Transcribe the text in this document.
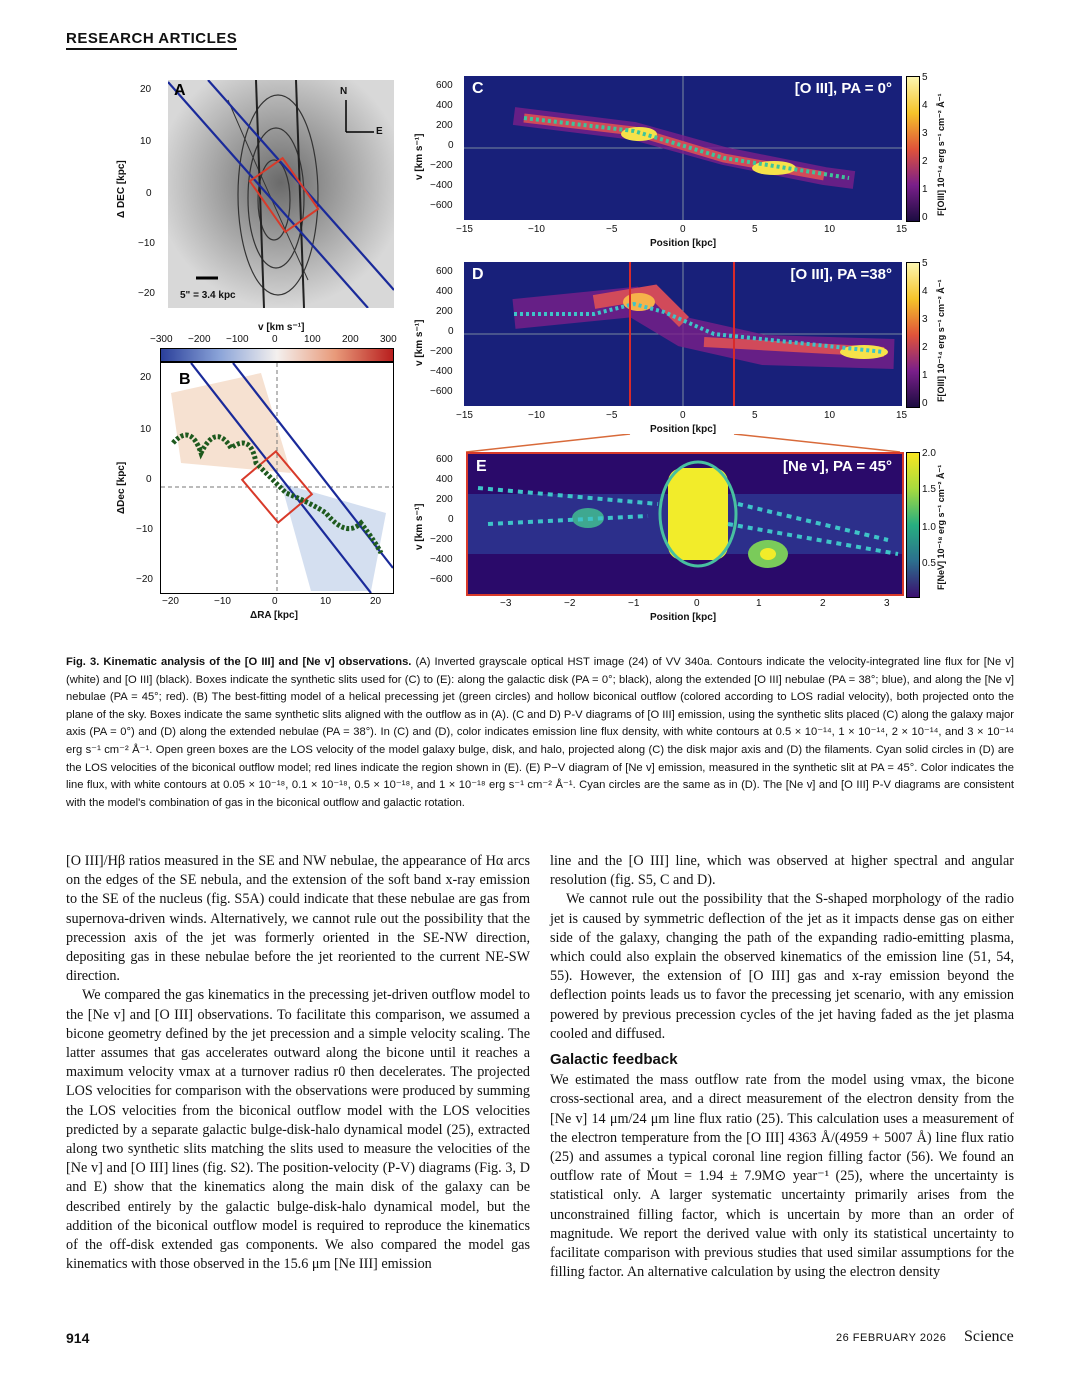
RESEARCH ARTICLES
A	N
E
5" = 3.4 kpc
Δ DEC [kpc]
20
10
0
−10
−20
v [km s⁻¹]
−300 −200 −100 0	100 200 300
B
ΔDec [kpc]
20
10
0
−10
−20
−20	−10	0	10	20
ΔRA [kpc]
C	[O III], PA = 0°
5
4
3
2
1
0
F[OIII] 10⁻¹⁴ erg s⁻¹ cm⁻² Å⁻¹
v [km s⁻¹]
600
400
200
0
−200
−400
−600
−15	−10	−5	0	5	10	15
Position [kpc]
D	[O III], PA =38°
5
4
3
2
1
0
F[OIII] 10⁻¹⁴ erg s⁻¹ cm⁻² Å⁻¹
v [km s⁻¹]
600
400
200
0
−200
−400
−600
−15	−10	−5	0	5	10	15
Position [kpc]
E	[Ne v], PA = 45°
2.0
1.5
1.0
0.5 F[NeV] 10⁻¹⁸ erg s⁻¹ cm⁻² Å⁻¹
v [km s⁻¹]
600
400
200
0
−200
−400
−600
−3	−2	−1	0	1	2	3
Position [kpc]
Fig. 3. Kinematic analysis of the [O III] and [Ne v] observations. (A) Inverted grayscale optical HST image (24) of VV 340a. Contours indicate the velocity-integrated line flux for [Ne v] (white) and [O III] (black). Boxes indicate the synthetic slits used for (C) to (E): along the galactic disk (PA = 0°; black), along the extended [O III] nebulae (PA = 38°; blue), and along the [Ne v] nebulae (PA = 45°; red). (B) The best-fitting model of a helical precessing jet (green circles) and hollow biconical outflow (colored according to LOS radial velocity), both projected onto the plane of the sky. Boxes indicate the same synthetic slits aligned with the outflow as in (A). (C and D) P-V diagrams of [O III] emission, using the synthetic slits placed (C) along the galaxy major axis (PA = 0°) and (D) along the extended nebulae (PA = 38°). In (C) and (D), color indicates emission line flux density, with white contours at 0.5 × 10⁻¹⁴, 1 × 10⁻¹⁴, 2 × 10⁻¹⁴, and 3 × 10⁻¹⁴ erg s⁻¹ cm⁻² Å⁻¹. Open green boxes are the LOS velocity of the model galaxy bulge, disk, and halo, projected along (C) the disk major axis and (D) the filaments. Cyan solid circles in (D) are the LOS velocities of the biconical outflow model; red lines indicate the region shown in (E). (E) P−V diagram of [Ne v] emission, measured in the synthetic slit at PA = 45°. Color indicates the line flux, with white contours at 0.05 × 10⁻¹⁸, 0.1 × 10⁻¹⁸, 0.5 × 10⁻¹⁸, and 1 × 10⁻¹⁸ erg s⁻¹ cm⁻² Å⁻¹. Cyan circles are the same as in (D). The [Ne v] and [O III] P-V diagrams are consistent with the model's combination of gas in the biconical outflow and galactic rotation.

[O III]/Hβ ratios measured in the SE and NW nebulae, the appearance of Hα arcs on the edges of the SE nebula, and the extension of the soft band x-ray emission to the SE of the nucleus (fig. S5A) could indicate that these nebulae are gas from supernova-driven winds. Alternatively, we cannot rule out the possibility that the precession axis of the jet was formerly oriented in the SE-NW direction, depositing gas in these nebulae before the jet reoriented to the current NE-SW direction.

We compared the gas kinematics in the precessing jet-driven outflow model to the [Ne v] and [O III] observations. To facilitate this comparison, we assumed a bicone geometry defined by the jet precession and a simple velocity scaling. The latter assumes that gas accelerates outward along the bicone until it reaches a maximum velocity vmax at a turnover radius r0 then decelerates. The projected LOS velocities for comparison with the observations were produced by summing the LOS velocities from the biconical outflow model with the LOS velocities predicted by a separate galactic bulge-disk-halo dynamical model (25), extracted along two synthetic slits matching the slits used to measure the velocities of the [Ne v] and [O III] lines (fig. S2). The position-velocity (P-V) diagrams (Fig. 3, D and E) show that the kinematics along the main disk of the galaxy can be described entirely by the galactic bulge-disk-halo dynamical model, but the addition of the biconical outflow model is required to reproduce the kinematics of the off-disk extended gas components. We also compared the model gas kinematics with those observed in the 15.6 μm [Ne III] emission

line and the [O III] line, which was observed at higher spectral and angular resolution (fig. S5, C and D).

We cannot rule out the possibility that the S-shaped morphology of the radio jet is caused by symmetric deflection of the jet as it impacts dense gas on either side of the galaxy, changing the path of the expanding radio-emitting plasma, which could also explain the observed kinematics of the emission line (51, 54, 55). However, the extension of [O III] gas and x-ray emission beyond the deflection points leads us to favor the precessing jet scenario, with any emission powered by previous precession cycles of the jet having faded as the jet plasma cooled and diffused.

Galactic feedback

We estimated the mass outflow rate from the model using vmax, the bicone cross-sectional area, and a direct measurement of the electron density from the [Ne v] 14 μm/24 μm line flux ratio (25). This calculation uses a measurement of the electron temperature from the [O III] 4363 Å/(4959 + 5007 Å) line flux ratio (25) and assumes a typical coronal line region filling factor (56). We found an outflow rate of Ṁout = 1.94 ± 7.9M⊙ year⁻¹ (25), where the uncertainty is statistical only. A larger systematic uncertainty primarily arises from the unconstrained filling factor, which is uncertain by more than an order of magnitude. We report the derived value with only its statistical uncertainty to facilitate comparison with previous studies that used similar assumptions for the filling factor. An alternative calculation by using the electron density

914	26 FEBRUARY 2026 Science
